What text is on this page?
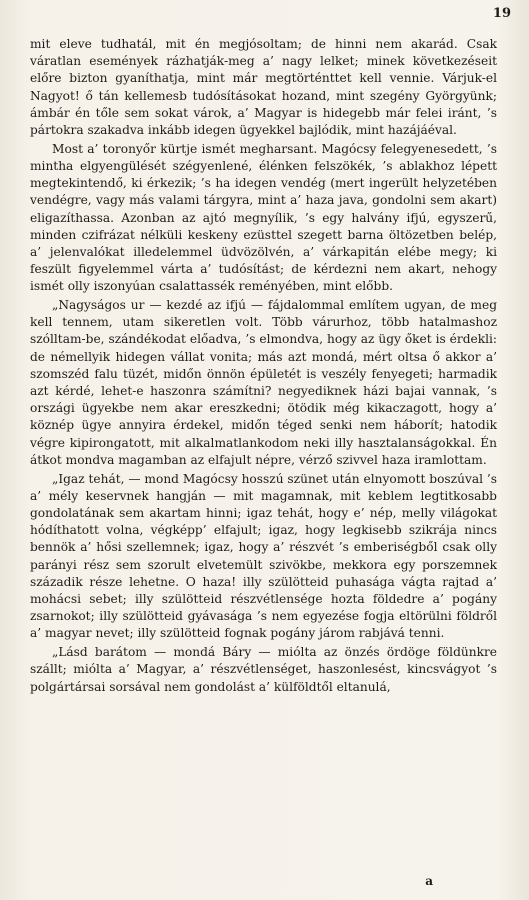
19

mit eleve tudhatál, mit én megjósoltam; de hinni nem akarád. Csak váratlan események rázhatják-meg a’ nagy lelket; minek következéseit előre bizton gyaníthatja, mint már megtörténttet kell vennie. Várjuk-el Nagyot! ő tán kellemesb tudósításokat hozand, mint szegény Györgyünk; ámbár én tőle sem sokat várok, a’ Magyar is hidegebb már felei iránt, ’s pártokra szakadva inkább idegen ügyekkel bajlódik, mint hazájáéval.

Most a’ toronyőr kürtje ismét megharsant. Magócsy felegyenesedett, ’s mintha elgyengülését szégyenlené, élénken felszökék, ’s ablakhoz lépett megtekintendő, ki érkezik; ’s ha idegen vendég (mert ingerült helyzetében vendégre, vagy más valami tárgyra, mint a’ haza java, gondolni sem akart) eligazíthassa. Azonban az ajtó megnyílik, ’s egy halvány ifjú, egyszerű, minden czifrázat nélküli keskeny ezüsttel szegett barna öltözetben belép, a’ jelenvalókat illedelemmel üdvözölvén, a’ várkapitán elébe megy; ki feszült figyelemmel várta a’ tudósítást; de kérdezni nem akart, nehogy ismét olly iszonyúan csalattassék reményében, mint előbb.

„Nagyságos ur — kezdé az ifjú — fájdalommal említem ugyan, de meg kell tennem, utam sikeretlen volt. Több várurhoz, több hatalmashoz szólltam-be, szándékodat előadva, ’s elmondva, hogy az ügy őket is érdekli: de némellyik hidegen vállat vonita; más azt mondá, mért oltsa ő akkor a’ szomszéd falu tüzét, midőn önnön épületét is veszély fenyegeti; harmadik azt kérdé, lehet-e haszonra számítni? negyediknek házi bajai vannak, ’s országi ügyekbe nem akar ereszkedni; ötödik még kikaczagott, hogy a’ köznép ügye annyira érdekel, midőn téged senki nem háborít; hatodik végre kipirongatott, mit alkalmatlankodom neki illy hasztalanságokkal. Én átkot mondva magamban az elfajult népre, vérző szivvel haza iramlottam.

„Igaz tehát, — mond Magócsy hosszú szünet után elnyomott boszúval ’s a’ mély keservnek hangján — mit magamnak, mit keblem legtitkosabb gondolatának sem akartam hinni; igaz tehát, hogy e’ nép, melly világokat hódíthatott volna, végképp’ elfajult; igaz, hogy legkisebb szikrája nincs bennök a’ hősi szellemnek; igaz, hogy a’ részvét ’s emberiségből csak olly parányi rész sem szorult elvetemült szivökbe, mekkora egy porszemnek századik része lehetne. O haza! illy szülötteid puhasága vágta rajtad a’ mohácsi sebet; illy szülötteid részvétlensége hozta földedre a’ pogány zsarnokot; illy szülötteid gyávasága ’s nem egyezése fogja eltörülni földről a’ magyar nevet; illy szülötteid fognak pogány járom rabjává tenni.

„Lásd barátom — mondá Báry — miólta az önzés ördöge földünkre szállt; miólta a’ Magyar, a’ részvétlenséget, haszonlesést, kincsvágyot ’s polgártársai sorsával nem gondolást a’ külföldtől eltanulá,

a
